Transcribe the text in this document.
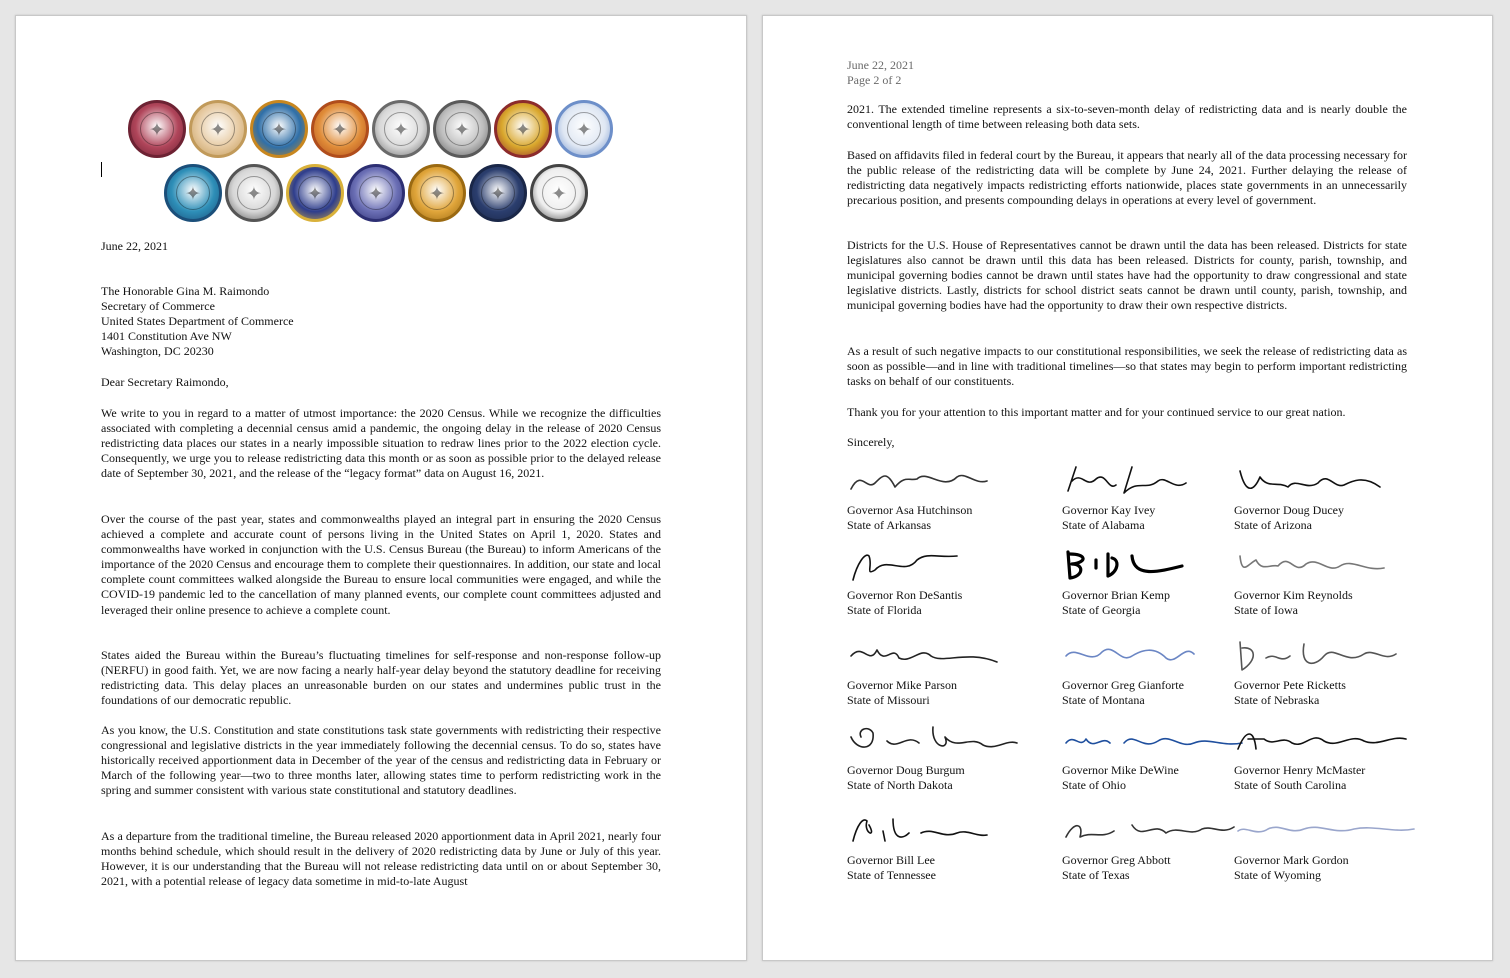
✦	✦	✦	✦	✦	✦	✦	✦
✦	✦	✦	✦	✦	✦	✦
June 22, 2021
The Honorable Gina M. Raimondo
Secretary of Commerce
United States Department of Commerce
1401 Constitution Ave NW
Washington, DC 20230
Dear Secretary Raimondo,

We write to you in regard to a matter of utmost importance: the 2020 Census. While we recognize the difficulties associated with completing a decennial census amid a pandemic, the ongoing delay in the release of 2020 Census redistricting data places our states in a nearly impossible situation to redraw lines prior to the 2022 election cycle. Consequently, we urge you to release redistricting data this month or as soon as possible prior to the delayed release date of September 30, 2021, and the release of the “legacy format” data on August 16, 2021.

Over the course of the past year, states and commonwealths played an integral part in ensuring the 2020 Census achieved a complete and accurate count of persons living in the United States on April 1, 2020. States and commonwealths have worked in conjunction with the U.S. Census Bureau (the Bureau) to inform Americans of the importance of the 2020 Census and encourage them to complete their questionnaires. In addition, our state and local complete count committees walked alongside the Bureau to ensure local communities were engaged, and while the COVID-19 pandemic led to the cancellation of many planned events, our complete count committees adjusted and leveraged their online presence to achieve a complete count.

States aided the Bureau within the Bureau’s fluctuating timelines for self-response and non-response follow-up (NERFU) in good faith. Yet, we are now facing a nearly half-year delay beyond the statutory deadline for receiving redistricting data. This delay places an unreasonable burden on our states and undermines public trust in the foundations of our democratic republic.

As you know, the U.S. Constitution and state constitutions task state governments with redistricting their respective congressional and legislative districts in the year immediately following the decennial census. To do so, states have historically received apportionment data in December of the year of the census and redistricting data in February or March of the following year—two to three months later, allowing states time to perform redistricting work in the spring and summer consistent with various state constitutional and statutory deadlines.

As a departure from the traditional timeline, the Bureau released 2020 apportionment data in April 2021, nearly four months behind schedule, which should result in the delivery of 2020 redistricting data by June or July of this year. However, it is our understanding that the Bureau will not release redistricting data until on or about September 30, 2021, with a potential release of legacy data sometime in mid-to-late August

June 22, 2021
Page 2 of 2

2021. The extended timeline represents a six-to-seven-month delay of redistricting data and is nearly double the conventional length of time between releasing both data sets.

Based on affidavits filed in federal court by the Bureau, it appears that nearly all of the data processing necessary for the public release of the redistricting data will be complete by June 24, 2021. Further delaying the release of redistricting data negatively impacts redistricting efforts nationwide, places state governments in an unnecessarily precarious position, and presents compounding delays in operations at every level of government.

Districts for the U.S. House of Representatives cannot be drawn until the data has been released. Districts for state legislatures also cannot be drawn until this data has been released. Districts for county, parish, township, and municipal governing bodies cannot be drawn until states have had the opportunity to draw congressional and state legislative districts. Lastly, districts for school district seats cannot be drawn until county, parish, township, and municipal governing bodies have had the opportunity to draw their own respective districts.

As a result of such negative impacts to our constitutional responsibilities, we seek the release of redistricting data as soon as possible—and in line with traditional timelines—so that states may begin to perform important redistricting tasks on behalf of our constituents.

Thank you for your attention to this important matter and for your continued service to our great nation.

Sincerely,
Governor Asa Hutchinson
State of Arkansas
Governor Kay Ivey
State of Alabama
Governor Doug Ducey
State of Arizona
Governor Ron DeSantis
State of Florida
Governor Brian Kemp
State of Georgia
Governor Kim Reynolds
State of Iowa
Governor Mike Parson
State of Missouri
Governor Greg Gianforte
State of Montana
Governor Pete Ricketts
State of Nebraska
Governor Doug Burgum
State of North Dakota
Governor Mike DeWine
State of Ohio
Governor Henry McMaster
State of South Carolina
Governor Bill Lee
State of Tennessee
Governor Greg Abbott
State of Texas
Governor Mark Gordon
State of Wyoming
